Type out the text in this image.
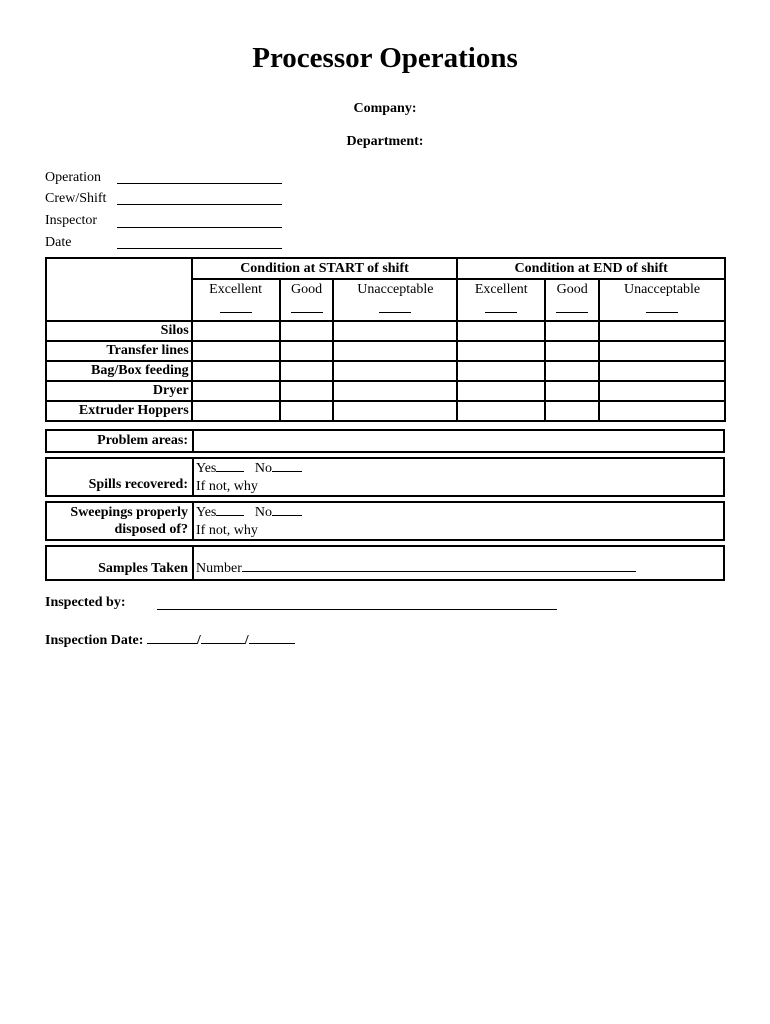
Processor Operations
Company:
Department:
Operation
Crew/Shift
Inspector
Date
	Condition at START of shift			Condition at END of shift		
	Excellent	Good	Unacceptable	Excellent	Good	Unacceptable

Silos						
Transfer lines						
Bag/Box feeding						
Dryer						
Extruder Hoppers						
Problem areas:
Spills recovered:
Yes	No
If not, why
Sweepings properly
disposed of?
Yes	No
If not, why
Samples Taken Number
Inspected by:
Inspection Date:	/	/
